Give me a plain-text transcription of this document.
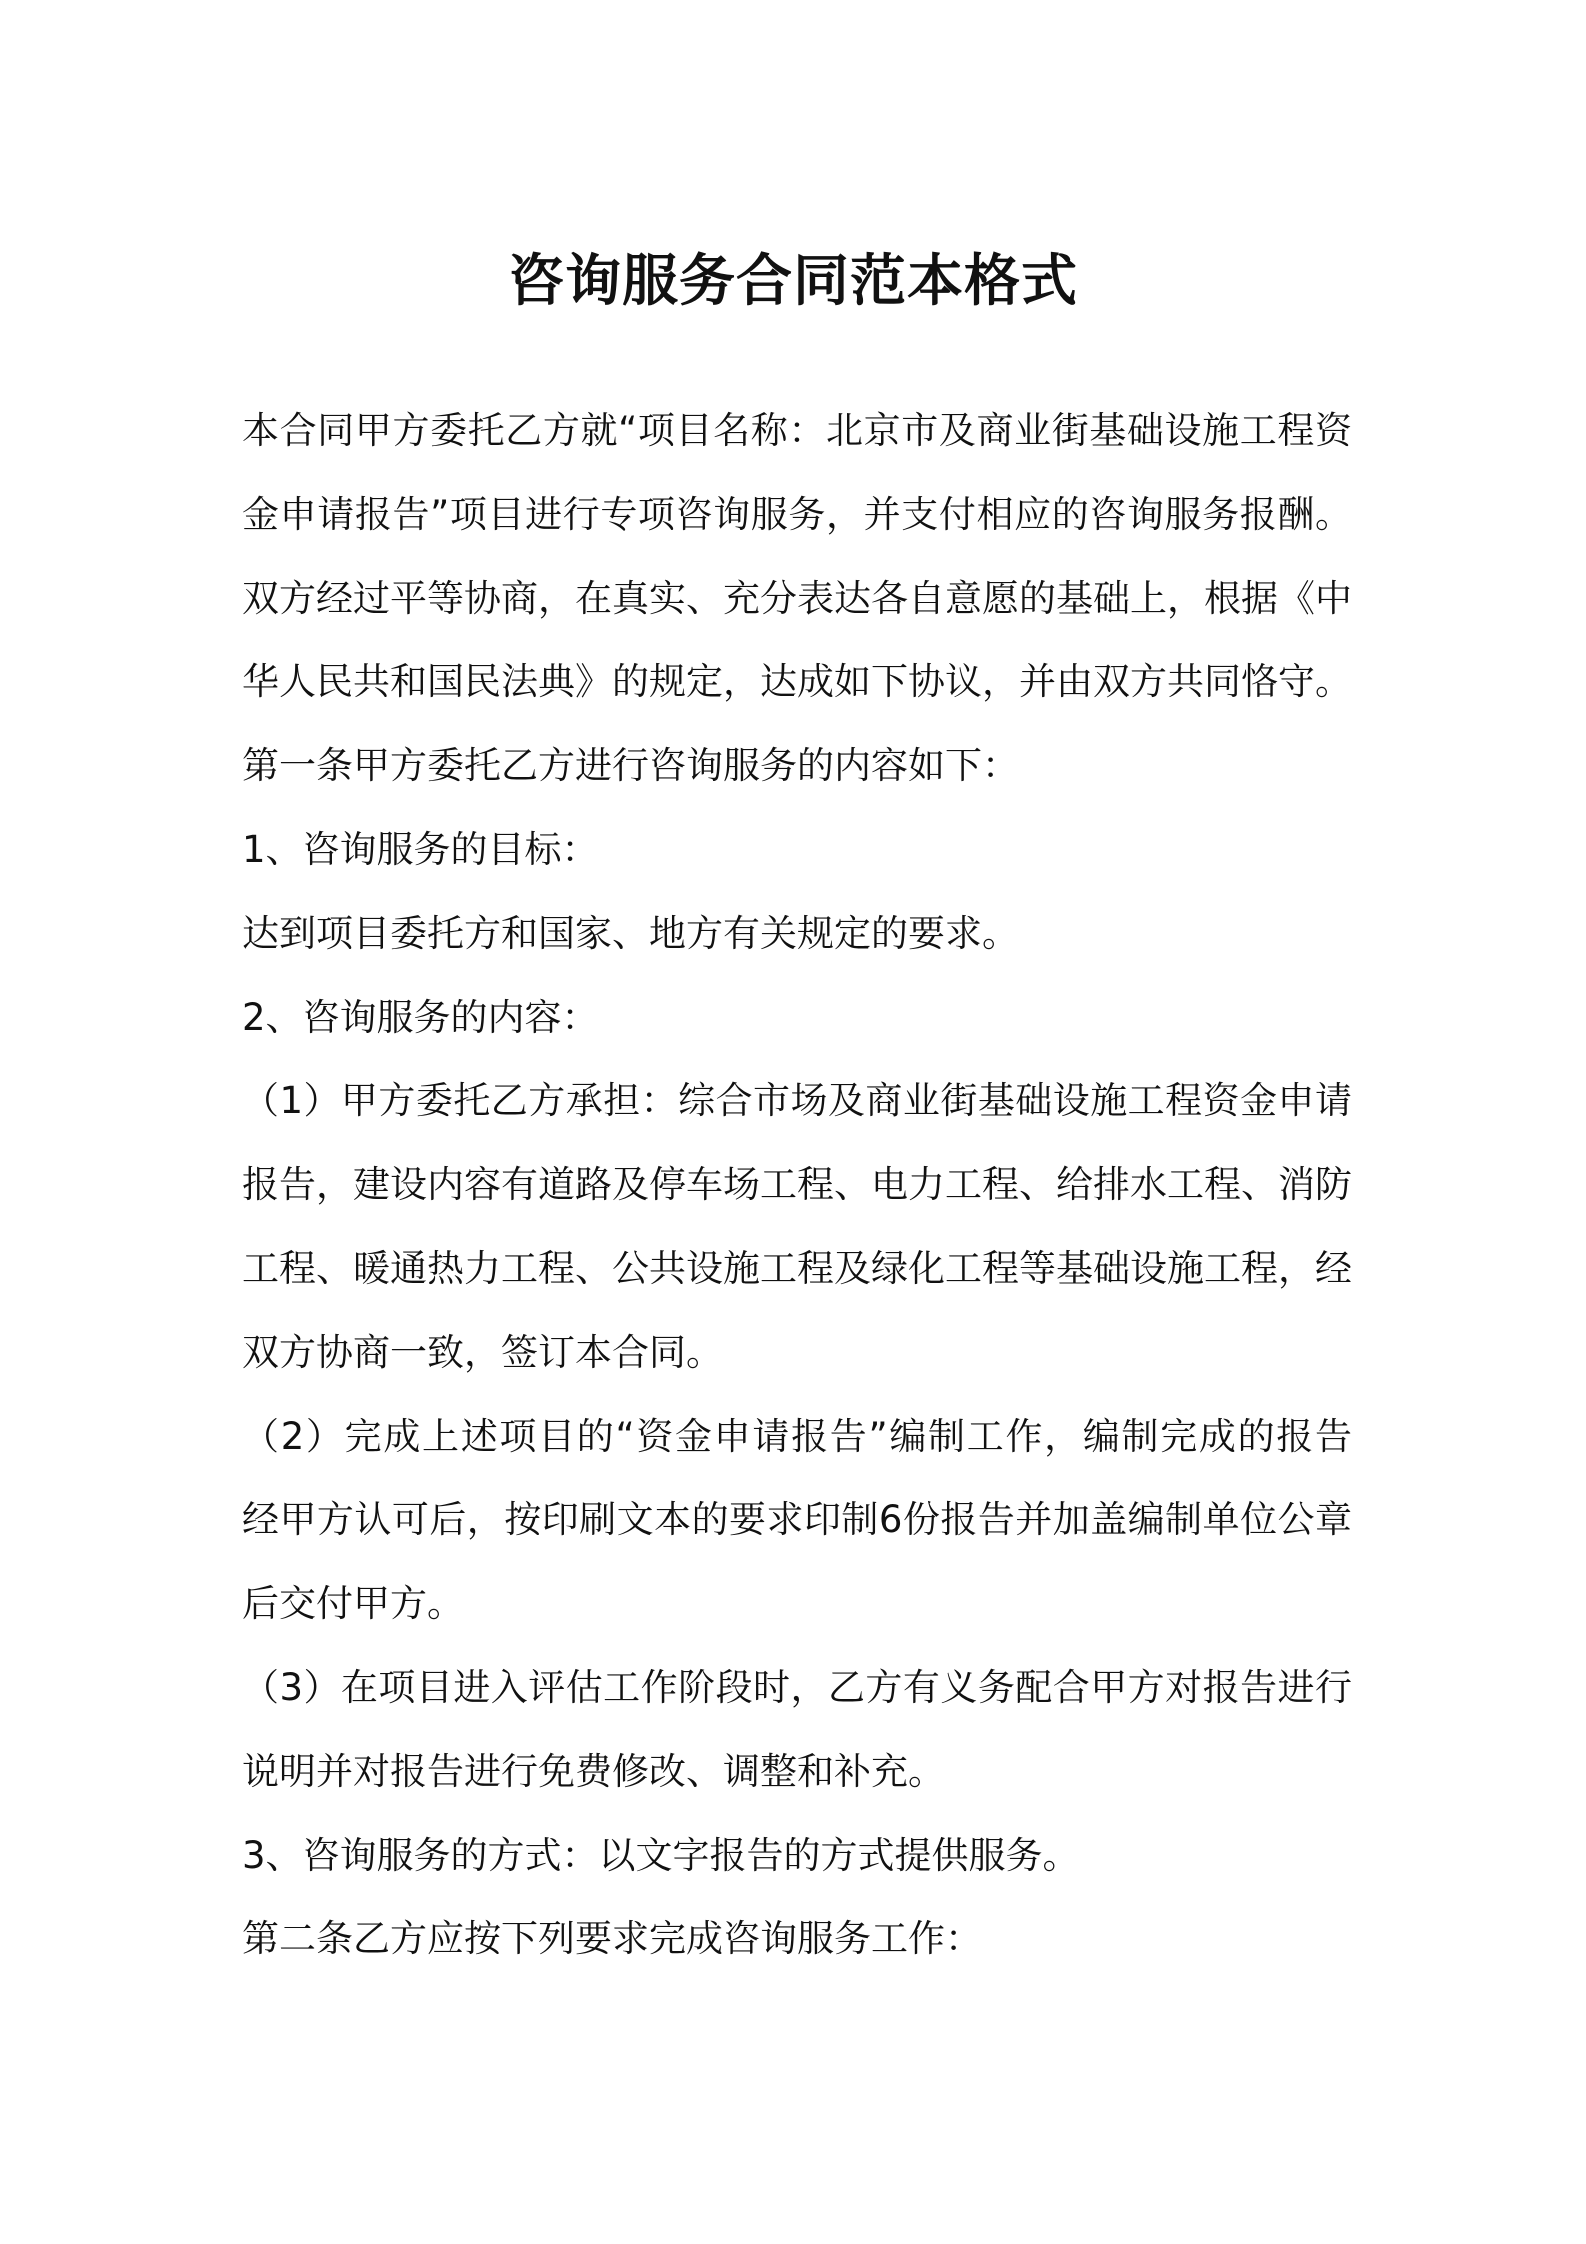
咨询服务合同范本格式
本合同甲方委托乙方就“项目名称：北京市及商业街基础设施工程资
金申请报告”项目进行专项咨询服务，并支付相应的咨询服务报酬。
双方经过平等协商，在真实、充分表达各自意愿的基础上，根据《中
华人民共和国民法典》的规定，达成如下协议，并由双方共同恪守。
第一条甲方委托乙方进行咨询服务的内容如下：
1、咨询服务的目标：
达到项目委托方和国家、地方有关规定的要求。
2、咨询服务的内容：
（1）甲方委托乙方承担：综合市场及商业街基础设施工程资金申请
报告，建设内容有道路及停车场工程、电力工程、给排水工程、消防
工程、暖通热力工程、公共设施工程及绿化工程等基础设施工程，经
双方协商一致，签订本合同。
（2）完成上述项目的“资金申请报告”编制工作，编制完成的报告
经甲方认可后，按印刷文本的要求印制6份报告并加盖编制单位公章
后交付甲方。
（3）在项目进入评估工作阶段时，乙方有义务配合甲方对报告进行
说明并对报告进行免费修改、调整和补充。
3、咨询服务的方式：以文字报告的方式提供服务。
第二条乙方应按下列要求完成咨询服务工作：
